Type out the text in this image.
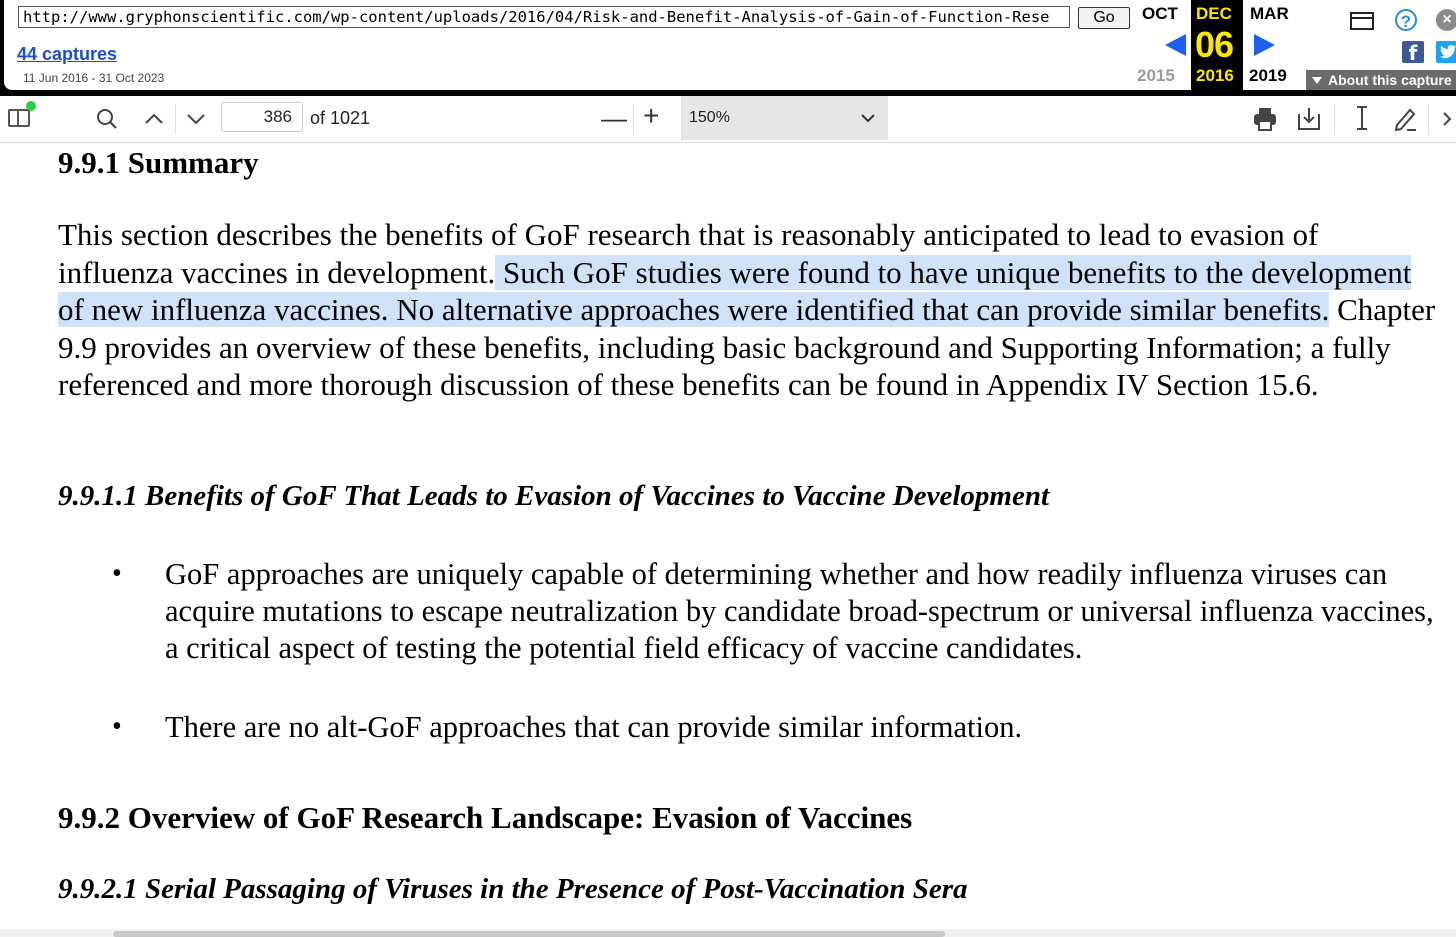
http://www.gryphonscientific.com/wp-content/uploads/2016/04/Risk-and-Benefit-Analysis-of-Gain-of-Function-Rese	Go
44 captures
11 Jun 2016 - 31 Oct 2023
OCT DEC
06
2016
MAR
2015	2019
?	×
f
About this capture
386	of 1021	— +	150%
9.9.1 Summary
This section describes the benefits of GoF research that is reasonably anticipated to lead to evasion of influenza vaccines in development. Such GoF studies were found to have unique benefits to the development of new influenza vaccines. No alternative approaches were identified that can provide similar benefits. Chapter 9.9 provides an overview of these benefits, including basic background and Supporting Information; a fully referenced and more thorough discussion of these benefits can be found in Appendix IV Section 15.6.
9.9.1.1 Benefits of GoF That Leads to Evasion of Vaccines to Vaccine Development
• GoF approaches are uniquely capable of determining whether and how readily influenza viruses can acquire mutations to escape neutralization by candidate broad-spectrum or universal influenza vaccines, a critical aspect of testing the potential field efficacy of vaccine candidates.
• There are no alt-GoF approaches that can provide similar information.
9.9.2 Overview of GoF Research Landscape: Evasion of Vaccines
9.9.2.1 Serial Passaging of Viruses in the Presence of Post-Vaccination Sera
